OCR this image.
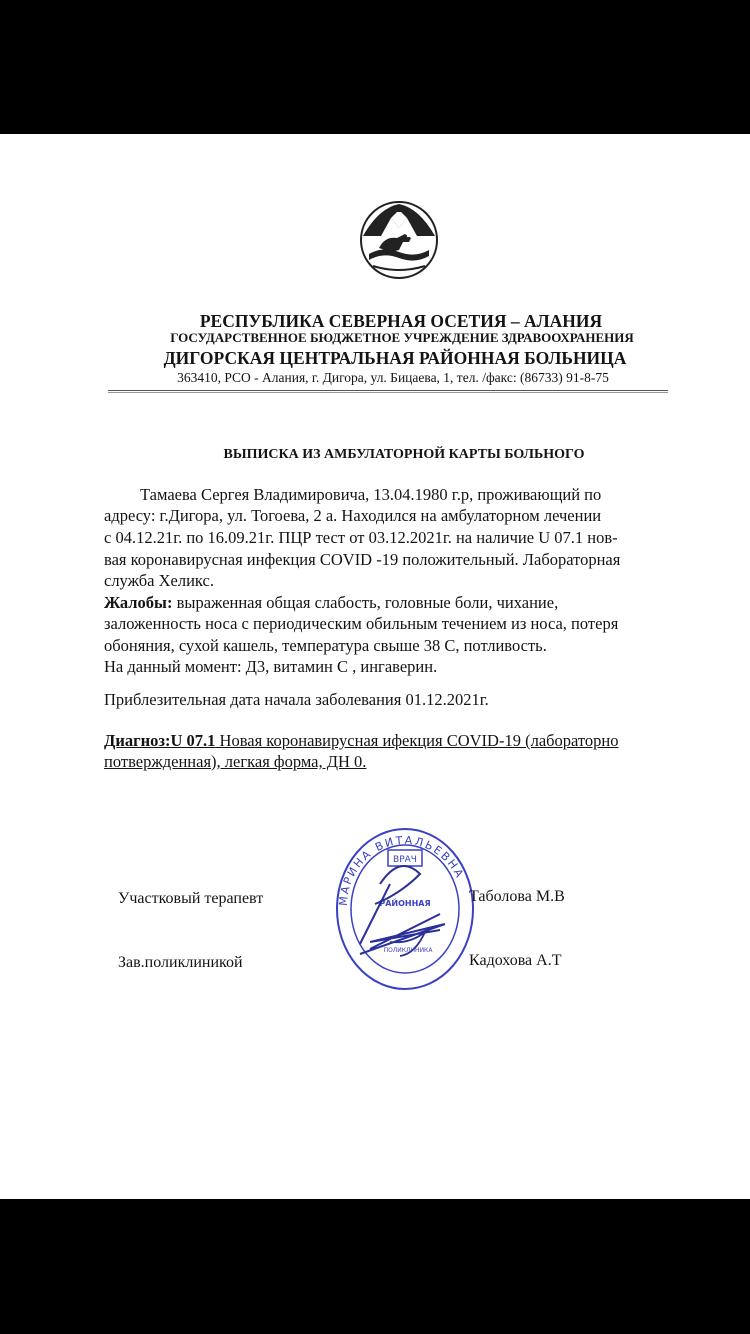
РЕСПУБЛИКА СЕВЕРНАЯ ОСЕТИЯ – АЛАНИЯ
ГОСУДАРСТВЕННОЕ БЮДЖЕТНОЕ УЧРЕЖДЕНИЕ ЗДРАВООХРАНЕНИЯ
ДИГОРСКАЯ ЦЕНТРАЛЬНАЯ РАЙОННАЯ БОЛЬНИЦА
363410, РСО - Алания, г. Дигора, ул. Бицаева, 1, тел. /факс: (86733) 91-8-75
ВЫПИСКА ИЗ АМБУЛАТОРНОЙ КАРТЫ БОЛЬНОГО
Тамаева Сергея Владимировича, 13.04.1980 г.р, проживающий по
адресу: г.Дигора, ул. Тогоева, 2 а. Находился на амбулаторном лечении
с 04.12.21г. по 16.09.21г. ПЦР тест от 03.12.2021г. на наличие U 07.1 нов-
вая коронавирусная инфекция COVID -19 положительный. Лабораторная
служба Хеликс.
Жалобы: выраженная общая слабость, головные боли, чихание,
заложенность носа с периодическим обильным течением из носа, потеря
обоняния, сухой кашель, температура свыше 38 С, потливость.
На данный момент: Д3, витамин С , ингаверин.
Приблезительная дата начала заболевания 01.12.2021г.
Диагноз:U 07.1 Новая коронавирусная ифекция COVID-19 (лабораторно
потвержденная), легкая форма, ДН 0.
МАРИНА ВИТАЛЬЕВНА
ВРАЧ
РАЙОННАЯ
ПОЛИКЛИНИКА
Участковый терапевт	Таболова М.В
Зав.поликлиникой	Кадохова А.Т
